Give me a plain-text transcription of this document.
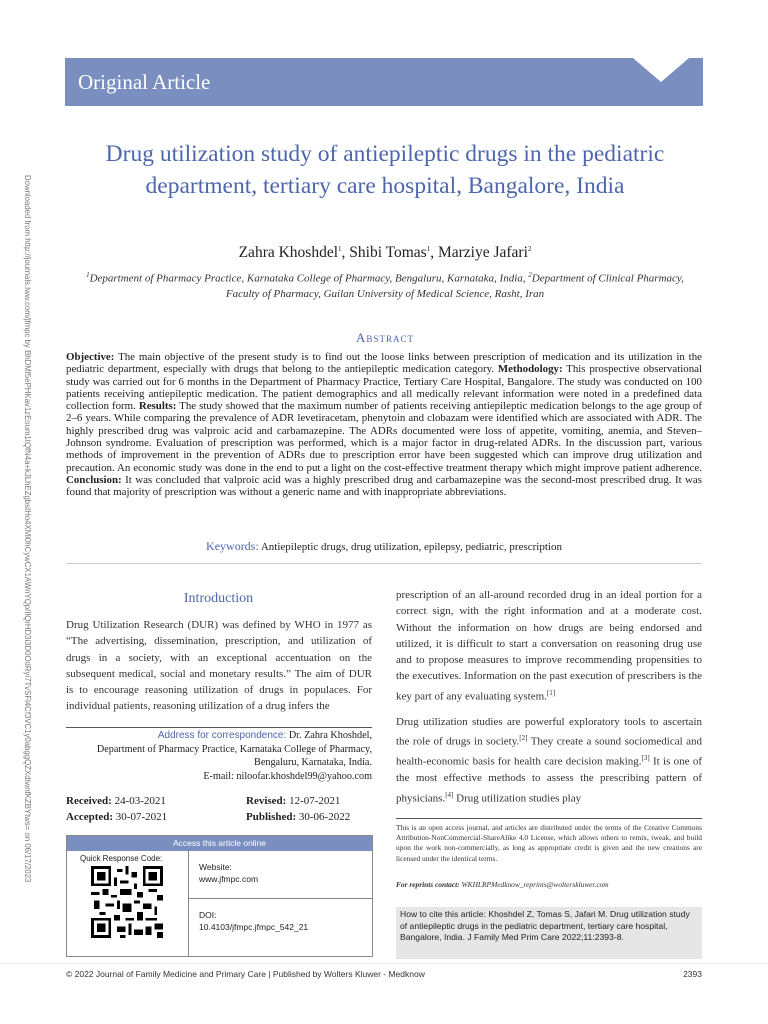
Original Article
Downloaded from http://journals.lww.com/jfmpc by BhDMf5ePHKav1zEoum1tQfN4a+kJLhEZgbsIHo4XMi0hCywCX1AWnYQp/IlQrHD3i3D0OdRyi7TvSFl4Cf3VC1y0abggQZXdtwnfKZBYtws= on 06/17/2023
Drug utilization study of antiepileptic drugs in the pediatric department, tertiary care hospital, Bangalore, India
Zahra Khoshdel$^1$, Shibi Tomas$^1$, Marziye Jafari$^2$
$^1$Department of Pharmacy Practice, Karnataka College of Pharmacy, Bengaluru, Karnataka, India, $^2$Department of Clinical Pharmacy, Faculty of Pharmacy, Guilan University of Medical Science, Rasht, Iran
Abstract
Objective: The main objective of the present study is to find out the loose links between prescription of medication and its utilization in the pediatric department, especially with drugs that belong to the antiepileptic medication category. Methodology: This prospective observational study was carried out for 6 months in the Department of Pharmacy Practice, Tertiary Care Hospital, Bangalore. The study was conducted on 100 patients receiving antiepileptic medication. The patient demographics and all medically relevant information were noted in a predefined data collection form. Results: The study showed that the maximum number of patients receiving antiepileptic medication belongs to the age group of 2–6 years. While comparing the prevalence of ADR levetiracetam, phenytoin and clobazam were identified which are associated with ADR. The highly prescribed drug was valproic acid and carbamazepine. The ADRs documented were loss of appetite, vomiting, anemia, and Steven–Johnson syndrome. Evaluation of prescription was performed, which is a major factor in drug-related ADRs. In the discussion part, various methods of improvement in the prevention of ADRs due to prescription error have been suggested which can improve drug utilization and precaution. An economic study was done in the end to put a light on the cost-effective treatment therapy which might improve patient adherence. Conclusion: It was concluded that valproic acid was a highly prescribed drug and carbamazepine was the second-most prescribed drug. It was found that majority of prescription was without a generic name and with inappropriate abbreviations.
Keywords: Antiepileptic drugs, drug utilization, epilepsy, pediatric, prescription
Introduction
Drug Utilization Research (DUR) was defined by WHO in 1977 as “The advertising, dissemination, prescription, and utilization of drugs in a society, with an exceptional accentuation on the subsequent medical, social and monetary results.” The aim of DUR is to encourage reasoning utilization of drugs in populaces. For individual patients, reasoning utilization of a drug infers the
Address for correspondence: Dr. Zahra Khoshdel,
Department of Pharmacy Practice, Karnataka College of Pharmacy,
Bengaluru, Karnataka, India.
E-mail: niloofar.khoshdel99@yahoo.com
Received: 24-03-2021	Revised: 12-07-2021
Accepted: 30-07-2021	Published: 30-06-2022
Access this article online
Quick Response Code:
Website:
www.jfmpc.com
DOI:
10.4103/jfmpc.jfmpc_542_21
prescription of an all-around recorded drug in an ideal portion for a correct sign, with the right information and at a moderate cost. Without the information on how drugs are being endorsed and utilized, it is difficult to start a conversation on reasoning drug use and to propose measures to improve recommending propensities to the executives. Information on the past execution of prescribers is the key part of any evaluating system.[1]
Drug utilization studies are powerful exploratory tools to ascertain the role of drugs in society.[2] They create a sound sociomedical and health-economic basis for health care decision making.[3] It is one of the most effective methods to assess the prescribing pattern of physicians.[4] Drug utilization studies play
This is an open access journal, and articles are distributed under the terms of the Creative Commons Attribution-NonCommercial-ShareAlike 4.0 License, which allows others to remix, tweak, and build upon the work non-commercially, as long as appropriate credit is given and the new creations are licensed under the identical terms.
For reprints contact: WKHLRPMedknow_reprints@wolterskluwer.com
How to cite this article: Khoshdel Z, Tomas S, Jafari M. Drug utilization study of antiepileptic drugs in the pediatric department, tertiary care hospital, Bangalore, India. J Family Med Prim Care 2022;11:2393-8.
© 2022 Journal of Family Medicine and Primary Care | Published by Wolters Kluwer - Medknow	2393
